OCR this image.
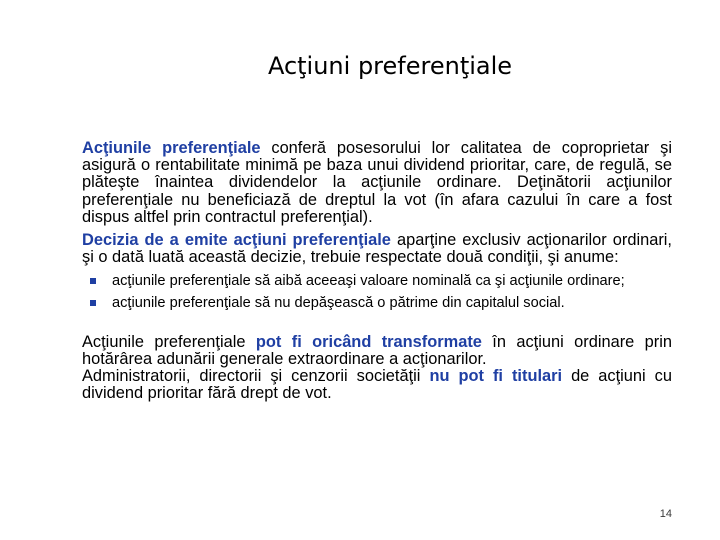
Acţiuni preferenţiale

Acţiunile preferenţiale conferă posesorului lor calitatea de coproprietar şi asigură o rentabilitate minimă pe baza unui dividend prioritar, care, de regulă, se plăteşte înaintea dividendelor la acţiunile ordinare. Deţinătorii acţiunilor preferenţiale nu beneficiază de dreptul la vot (în afara cazului în care a fost dispus altfel prin contractul preferenţial).

Decizia de a emite acţiuni preferenţiale aparţine exclusiv acţionarilor ordinari, şi o dată luată această decizie, trebuie respectate două condiţii, şi anume:

acţiunile preferenţiale să aibă aceeaşi valoare nominală ca şi acţiunile ordinare;
acţiunile preferenţiale să nu depăşească o pătrime din capitalul social.

Acţiunile preferenţiale pot fi oricând transformate în acţiuni ordinare prin hotărârea adunării generale extraordinare a acţionarilor.

Administratorii, directorii şi cenzorii societăţii nu pot fi titulari de acţiuni cu dividend prioritar fără drept de vot.

14
